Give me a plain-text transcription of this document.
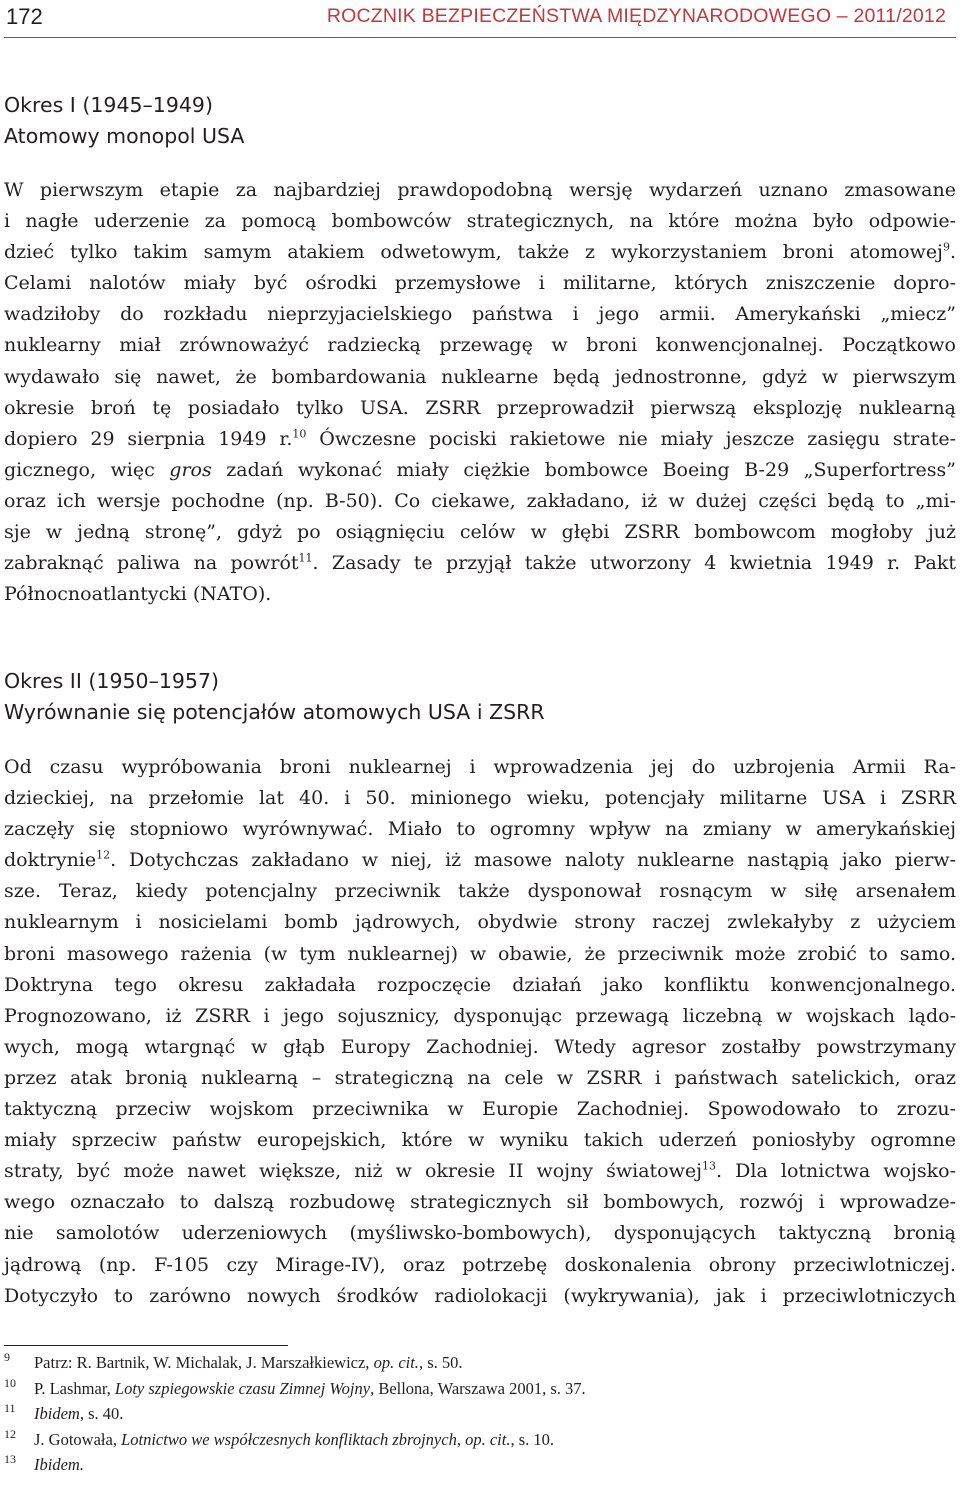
172	ROCZNIK BEZPIECZEŃSTWA MIĘDZYNARODOWEGO – 2011/2012
Okres I (1945–1949)
Atomowy monopol USA
W pierwszym etapie za najbardziej prawdopodobną wersję wydarzeń uznano zmasowane
i nagłe uderzenie za pomocą bombowców strategicznych, na które można było odpowie-
dzieć tylko takim samym atakiem odwetowym, także z wykorzystaniem broni atomowej$^9$.
Celami nalotów miały być ośrodki przemysłowe i militarne, których zniszczenie dopro-
wadziłoby do rozkładu nieprzyjacielskiego państwa i jego armii. Amerykański „miecz”
nuklearny miał zrównoważyć radziecką przewagę w broni konwencjonalnej. Początkowo
wydawało się nawet, że bombardowania nuklearne będą jednostronne, gdyż w pierwszym
okresie broń tę posiadało tylko USA. ZSRR przeprowadził pierwszą eksplozję nuklearną
dopiero 29 sierpnia 1949 r.$^{10}$ Ówczesne pociski rakietowe nie miały jeszcze zasięgu strate-
gicznego, więc gros zadań wykonać miały ciężkie bombowce Boeing B-29 „Superfortress”
oraz ich wersje pochodne (np. B-50). Co ciekawe, zakładano, iż w dużej części będą to „mi-
sje w jedną stronę”, gdyż po osiągnięciu celów w głębi ZSRR bombowcom mogłoby już
zabraknąć paliwa na powrót$^{11}$. Zasady te przyjął także utworzony 4 kwietnia 1949 r. Pakt
Północnoatlantycki (NATO).
Okres II (1950–1957)
Wyrównanie się potencjałów atomowych USA i ZSRR
Od czasu wypróbowania broni nuklearnej i wprowadzenia jej do uzbrojenia Armii Ra-
dzieckiej, na przełomie lat 40. i 50. minionego wieku, potencjały militarne USA i ZSRR
zaczęły się stopniowo wyrównywać. Miało to ogromny wpływ na zmiany w amerykańskiej
doktrynie$^{12}$. Dotychczas zakładano w niej, iż masowe naloty nuklearne nastąpią jako pierw-
sze. Teraz, kiedy potencjalny przeciwnik także dysponował rosnącym w siłę arsenałem
nuklearnym i nosicielami bomb jądrowych, obydwie strony raczej zwlekałyby z użyciem
broni masowego rażenia (w tym nuklearnej) w obawie, że przeciwnik może zrobić to samo.
Doktryna tego okresu zakładała rozpoczęcie działań jako konfliktu konwencjonalnego.
Prognozowano, iż ZSRR i jego sojusznicy, dysponując przewagą liczebną w wojskach lądo-
wych, mogą wtargnąć w głąb Europy Zachodniej. Wtedy agresor zostałby powstrzymany
przez atak bronią nuklearną – strategiczną na cele w ZSRR i państwach satelickich, oraz
taktyczną przeciw wojskom przeciwnika w Europie Zachodniej. Spowodowało to zrozu-
miały sprzeciw państw europejskich, które w wyniku takich uderzeń poniosłyby ogromne
straty, być może nawet większe, niż w okresie II wojny światowej$^{13}$. Dla lotnictwa wojsko-
wego oznaczało to dalszą rozbudowę strategicznych sił bombowych, rozwój i wprowadze-
nie samolotów uderzeniowych (myśliwsko-bombowych), dysponujących taktyczną bronią
jądrową (np. F-105 czy Mirage-IV), oraz potrzebę doskonalenia obrony przeciwlotniczej.
Dotyczyło to zarówno nowych środków radiolokacji (wykrywania), jak i przeciwlotniczych
9 Patrz: R. Bartnik, W. Michalak, J. Marszałkiewicz, op. cit., s. 50.
10 P. Lashmar, Loty szpiegowskie czasu Zimnej Wojny, Bellona, Warszawa 2001, s. 37.
11 Ibidem, s. 40.
12 J. Gotowała, Lotnictwo we współczesnych konfliktach zbrojnych, op. cit., s. 10.
13 Ibidem.
